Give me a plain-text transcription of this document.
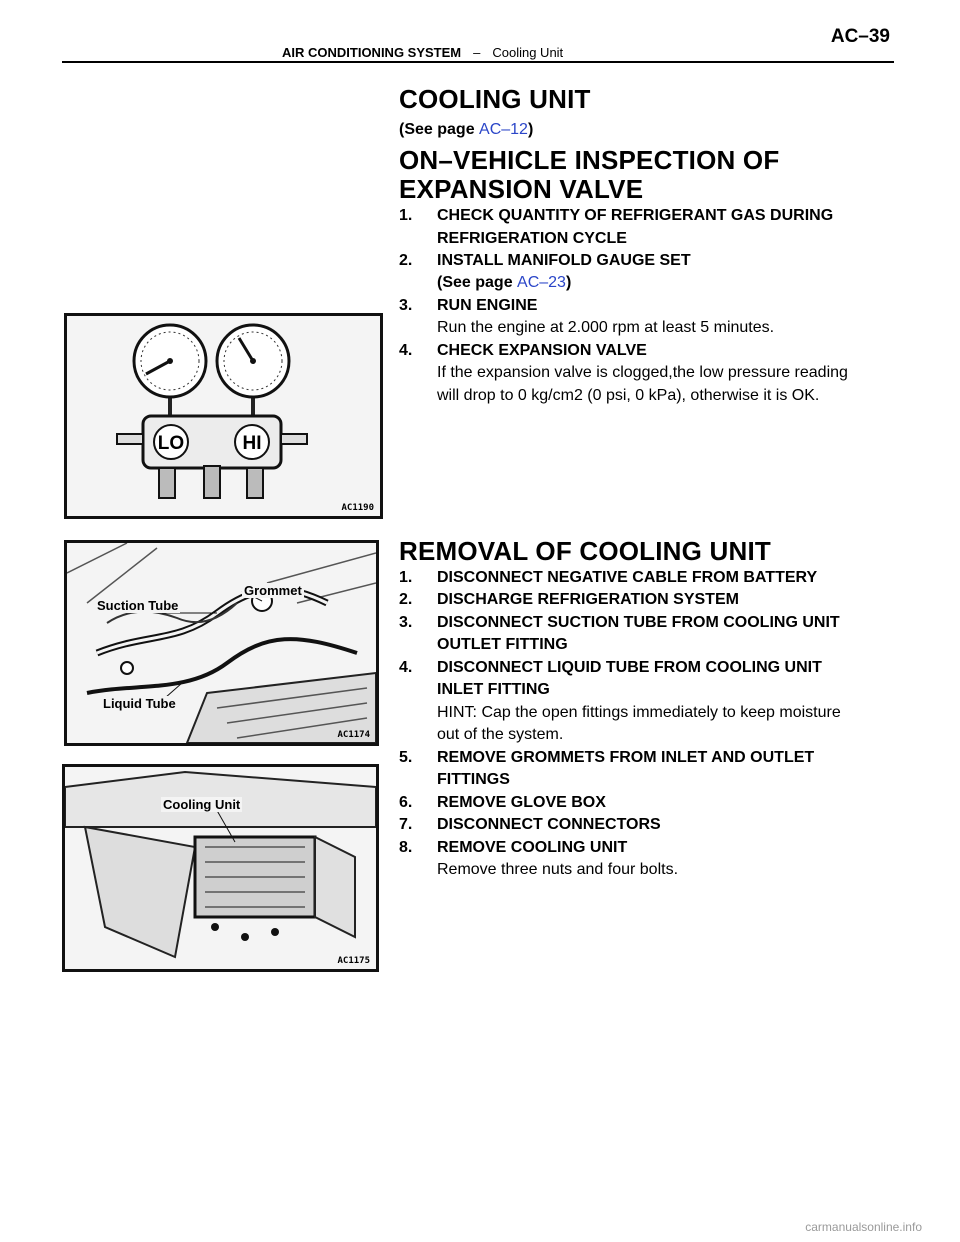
AIR CONDITIONING SYSTEM – Cooling Unit
AC–39
COOLING UNIT
(See page AC–12)
ON–VEHICLE INSPECTION OF
EXPANSION VALVE
1. CHECK QUANTITY OF REFRIGERANT GAS DURING
REFRIGERATION CYCLE
2. INSTALL MANIFOLD GAUGE SET
(See page AC–23)
3. RUN ENGINE
Run the engine at 2.000 rpm at least 5 minutes.
4. CHECK EXPANSION VALVE
If the expansion valve is clogged,the low pressure reading
will drop to 0 kg/cm2 (0 psi, 0 kPa), otherwise it is OK.
LO	HI
AC1190
REMOVAL OF COOLING UNIT
1. DISCONNECT NEGATIVE CABLE FROM BATTERY
2. DISCHARGE REFRIGERATION SYSTEM
3. DISCONNECT SUCTION TUBE FROM COOLING UNIT
OUTLET FITTING
4. DISCONNECT LIQUID TUBE FROM COOLING UNIT
INLET FITTING
HINT: Cap the open fittings immediately to keep moisture
out of the system.
5. REMOVE GROMMETS FROM INLET AND OUTLET
FITTINGS
6. REMOVE GLOVE BOX
7. DISCONNECT CONNECTORS
8. REMOVE COOLING UNIT
Remove three nuts and four bolts.
Suction Tube
Grommet
Liquid Tube
AC1174
Cooling Unit
AC1175
carmanualsonline.info
